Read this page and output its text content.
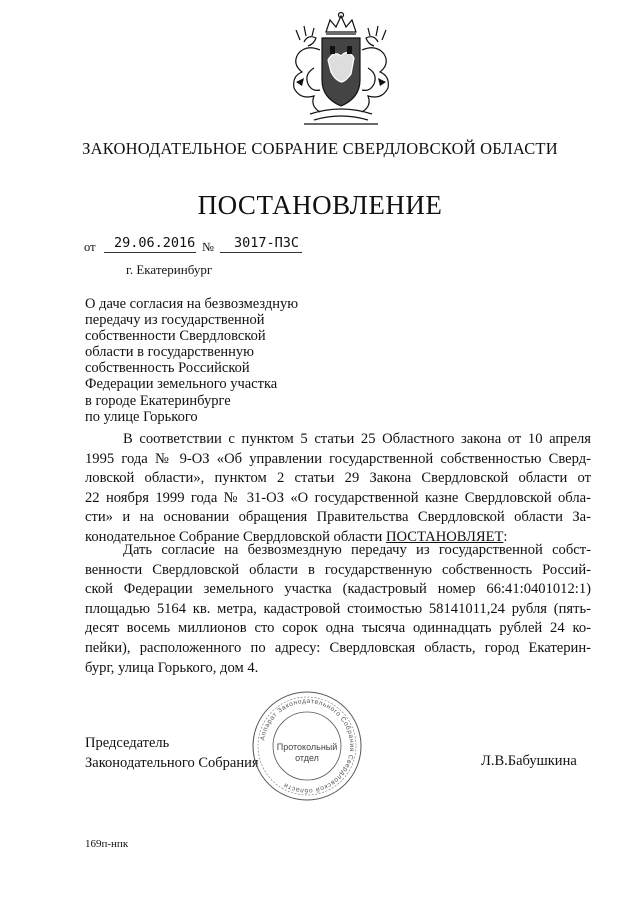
ЗАКОНОДАТЕЛЬНОЕ СОБРАНИЕ СВЕРДЛОВСКОЙ ОБЛАСТИ
ПОСТАНОВЛЕНИЕ
от 29.06.2016 № 3017-ПЗС
г. Екатеринбург
О даче согласия на безвозмездную
передачу из государственной
собственности Свердловской
области в государственную
собственность Российской
Федерации земельного участка
в городе Екатеринбурге
по улице Горького
В соответствии с пунктом 5 статьи 25 Областного закона от 10 апреля
1995 года № 9-ОЗ «Об управлении государственной собственностью Сверд-
ловской области», пунктом 2 статьи 29 Закона Свердловской области от
22 ноября 1999 года № 31-ОЗ «О государственной казне Свердловской обла-
сти» и на основании обращения Правительства Свердловской области За-
конодательное Собрание Свердловской области ПОСТАНОВЛЯЕТ:
Дать согласие на безвозмездную передачу из государственной собст-
венности Свердловской области в государственную собственность Россий-
ской Федерации земельного участка (кадастровый номер 66:41:0401012:1)
площадью 5164 кв. метра, кадастровой стоимостью 58141011,24 рубля (пять-
десят восемь миллионов сто сорок одна тысяча одиннадцать рублей 24 ко-
пейки), расположенного по адресу: Свердловская область, город Екатерин-
бург, улица Горького, дом 4.
Председатель
Законодательного Собрания
Аппарат Законодательного Собрания Свердловской области
Протокольный
отдел	Л.В.Бабушкина
169п-нпк
